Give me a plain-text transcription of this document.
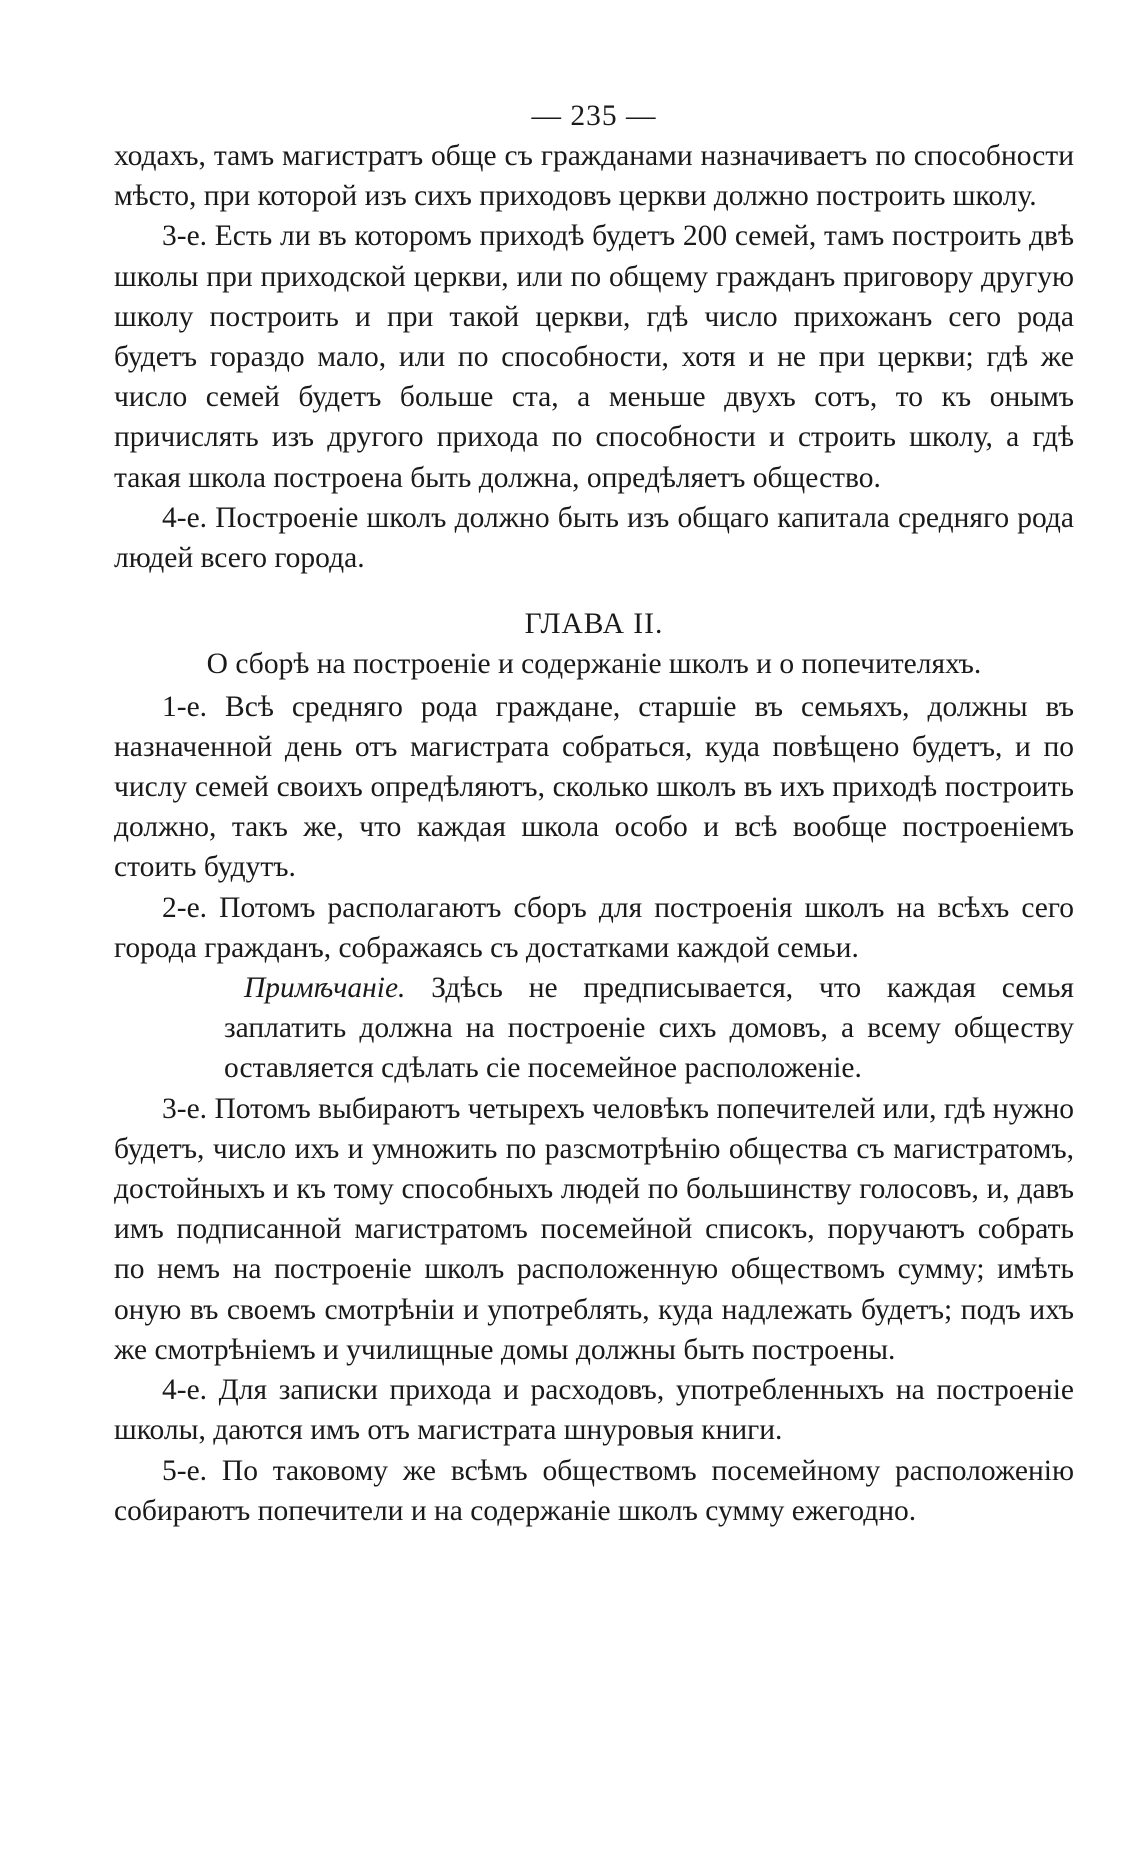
— 235 —

ходахъ, тамъ магистратъ обще съ гражданами назначиваетъ по способности мѣсто, при которой изъ сихъ приходовъ церкви должно построить школу.

3-е. Есть ли въ которомъ приходѣ будетъ 200 семей, тамъ построить двѣ школы при приходской церкви, или по общему гражданъ приговору другую школу построить и при такой церкви, гдѣ число прихожанъ сего рода будетъ гораздо мало, или по способности, хотя и не при церкви; гдѣ же число семей будетъ больше ста, а меньше двухъ сотъ, то къ онымъ причислять изъ другого прихода по способности и строить школу, а гдѣ такая школа построена быть должна, опредѣляетъ общество.

4-е. Построеніе школъ должно быть изъ общаго капитала средняго рода людей всего города.

ГЛАВА II.

О сборѣ на построеніе и содержаніе школъ и о попечителяхъ.

1-е. Всѣ средняго рода граждане, старшіе въ семьяхъ, должны въ назначенной день отъ магистрата собраться, куда повѣщено будетъ, и по числу семей своихъ опредѣляютъ, сколько школъ въ ихъ приходѣ построить должно, такъ же, что каждая школа особо и всѣ вообще построеніемъ стоить будутъ.

2-е. Потомъ располагаютъ сборъ для построенія школъ на всѣхъ сего города гражданъ, сображаясь съ достатками каждой семьи.

Примѣчаніе. Здѣсь не предписывается, что каждая семья заплатить должна на построеніе сихъ домовъ, а всему обществу оставляется сдѣлать сіе посемейное расположеніе.

3-е. Потомъ выбираютъ четырехъ человѣкъ попечителей или, гдѣ нужно будетъ, число ихъ и умножить по разсмотрѣнію общества съ магистратомъ, достойныхъ и къ тому способныхъ людей по большинству голосовъ, и, давъ имъ подписанной магистратомъ посемейной списокъ, поручаютъ собрать по немъ на построеніе школъ расположенную обществомъ сумму; имѣть оную въ своемъ смотрѣніи и употреблять, куда надлежать будетъ; подъ ихъ же смотрѣніемъ и училищные домы должны быть построены.

4-е. Для записки прихода и расходовъ, употребленныхъ на построеніе школы, даются имъ отъ магистрата шнуровыя книги.

5-е. По таковому же всѣмъ обществомъ посемейному расположенію собираютъ попечители и на содержаніе школъ сумму ежегодно.
